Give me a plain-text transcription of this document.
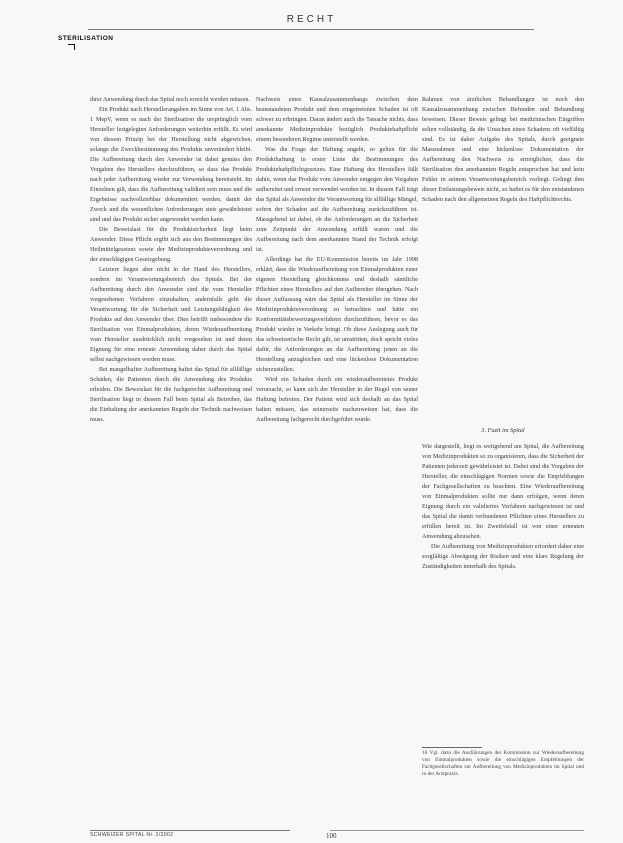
RECHT
STERILISATION

ihrer Anwendung durch das Spital noch erreicht werden müssen.

Ein Produkt nach Herstellerangaben im Sinne von Art. 1 Abs. 1 MepV, wenn es nach der Sterilisation die ursprünglich vom Hersteller festgelegten Anforderungen weiterhin erfüllt. Es wird von diesem Prinzip bei der Herstellung nicht abgewichen, solange die Zweckbestimmung des Produkts unverändert bleibt. Die Aufbereitung durch den Anwender ist dabei gemäss den Vorgaben des Herstellers durchzuführen, so dass das Produkt nach jeder Aufbereitung wieder zur Verwendung bereitsteht. Im Einzelnen gilt, dass die Aufbereitung validiert sein muss und die Ergebnisse nachvollziehbar dokumentiert werden, damit der Zweck und die wesentlichen Anforderungen stets gewährleistet sind und das Produkt sicher angewendet werden kann.

Die Beweislast für die Produktsicherheit liegt beim Anwender. Diese Pflicht ergibt sich aus den Bestimmungen des Heilmittelgesetzes sowie der Medizinprodukteverordnung und der einschlägigen Gesetzgebung.

Letztere liegen aber nicht in der Hand des Herstellers, sondern im Verantwortungsbereich des Spitals. Bei der Aufbereitung durch den Anwender sind die vom Hersteller vorgesehenen Verfahren einzuhalten, andernfalls geht die Verantwortung für die Sicherheit und Leistungsfähigkeit des Produkts auf den Anwender über. Dies betrifft insbesondere die Sterilisation von Einmalprodukten, deren Wiederaufbereitung vom Hersteller ausdrücklich nicht vorgesehen ist und deren Eignung für eine erneute Anwendung daher durch das Spital selbst nachgewiesen werden muss.

Bei mangelhafter Aufbereitung haftet das Spital für allfällige Schäden, die Patienten durch die Anwendung des Produkts erleiden. Die Beweislast für die fachgerechte Aufbereitung und Sterilisation liegt in diesem Fall beim Spital als Betreiber, das die Einhaltung der anerkannten Regeln der Technik nachweisen muss.

Nachweis eines Kausalzusammenhangs zwischen dem beanstandeten Produkt und dem eingetretenen Schaden ist oft schwer zu erbringen. Daran ändert auch die Tatsache nichts, dass anerkannte Medizinprodukte bezüglich Produktehaftpflicht einem besonderen Regime unterstellt werden.

Was die Frage der Haftung angeht, so gelten für die Produkthaftung in erster Linie die Bestimmungen des Produktehaftpflichtgesetzes. Eine Haftung des Herstellers fällt dahin, wenn das Produkt vom Anwender entgegen den Vorgaben aufbereitet und erneut verwendet worden ist. In diesem Fall trägt das Spital als Anwender die Verantwortung für allfällige Mängel, sofern der Schaden auf die Aufbereitung zurückzuführen ist. Massgebend ist dabei, ob die Anforderungen an die Sicherheit zum Zeitpunkt der Anwendung erfüllt waren und die Aufbereitung nach dem anerkannten Stand der Technik erfolgt ist.

Allerdings hat die EU-Kommission bereits im Jahr 1998 erklärt, dass die Wiederaufbereitung von Einmalprodukten einer eigenen Herstellung gleichkomme und deshalb sämtliche Pflichten eines Herstellers auf den Aufbereiter übergehen. Nach dieser Auffassung wäre das Spital als Hersteller im Sinne der Medizinprodukteverordnung zu betrachten und hätte ein Konformitätsbewertungsverfahren durchzuführen, bevor es das Produkt wieder in Verkehr bringt. Ob diese Auslegung auch für das schweizerische Recht gilt, ist umstritten, doch spricht vieles dafür, die Anforderungen an die Aufbereitung jenen an die Herstellung anzugleichen und eine lückenlose Dokumentation sicherzustellen.

Wird ein Schaden durch ein wiederaufbereitetes Produkt verursacht, so kann sich der Hersteller in der Regel von seiner Haftung befreien. Der Patient wird sich deshalb an das Spital halten müssen, das seinerseits nachzuweisen hat, dass die Aufbereitung fachgerecht durchgeführt wurde.

Rahmen von ärztlichen Behandlungen ist noch den Kausalzusammenhang zwischen Befunden und Behandlung beweisen. Dieser Beweis gelingt bei medizinischen Eingriffen selten vollständig, da die Ursachen eines Schadens oft vielfältig sind. Es ist daher Aufgabe des Spitals, durch geeignete Massnahmen und eine lückenlose Dokumentation der Aufbereitung den Nachweis zu ermöglichen, dass die Sterilisation den anerkannten Regeln entsprochen hat und kein Fehler in seinem Verantwortungsbereich vorliegt. Gelingt ihm dieser Entlastungsbeweis nicht, so haftet es für den entstandenen Schaden nach den allgemeinen Regeln des Haftpflichtrechts.

3. Fazit im Spital

Wie dargestellt, liegt es weitgehend am Spital, die Aufbereitung von Medizinprodukten so zu organisieren, dass die Sicherheit der Patienten jederzeit gewährleistet ist. Dabei sind die Vorgaben der Hersteller, die einschlägigen Normen sowie die Empfehlungen der Fachgesellschaften zu beachten. Eine Wiederaufbereitung von Einmalprodukten sollte nur dann erfolgen, wenn deren Eignung durch ein validiertes Verfahren nachgewiesen ist und das Spital die damit verbundenen Pflichten eines Herstellers zu erfüllen bereit ist. Im Zweifelsfall ist von einer erneuten Anwendung abzusehen.

Die Aufbereitung von Medizinprodukten erfordert daher eine sorgfältige Abwägung der Risiken und eine klare Regelung der Zuständigkeiten innerhalb des Spitals.

10 Vgl. dazu die Ausführungen der Kommission zur Wiederaufbereitung von Einmalprodukten sowie die einschlägigen Empfehlungen der Fachgesellschaften zur Aufbereitung von Medizinprodukten im Spital und in der Arztpraxis.
SCHWEIZER SPITAL Nr. 2/2002	100
